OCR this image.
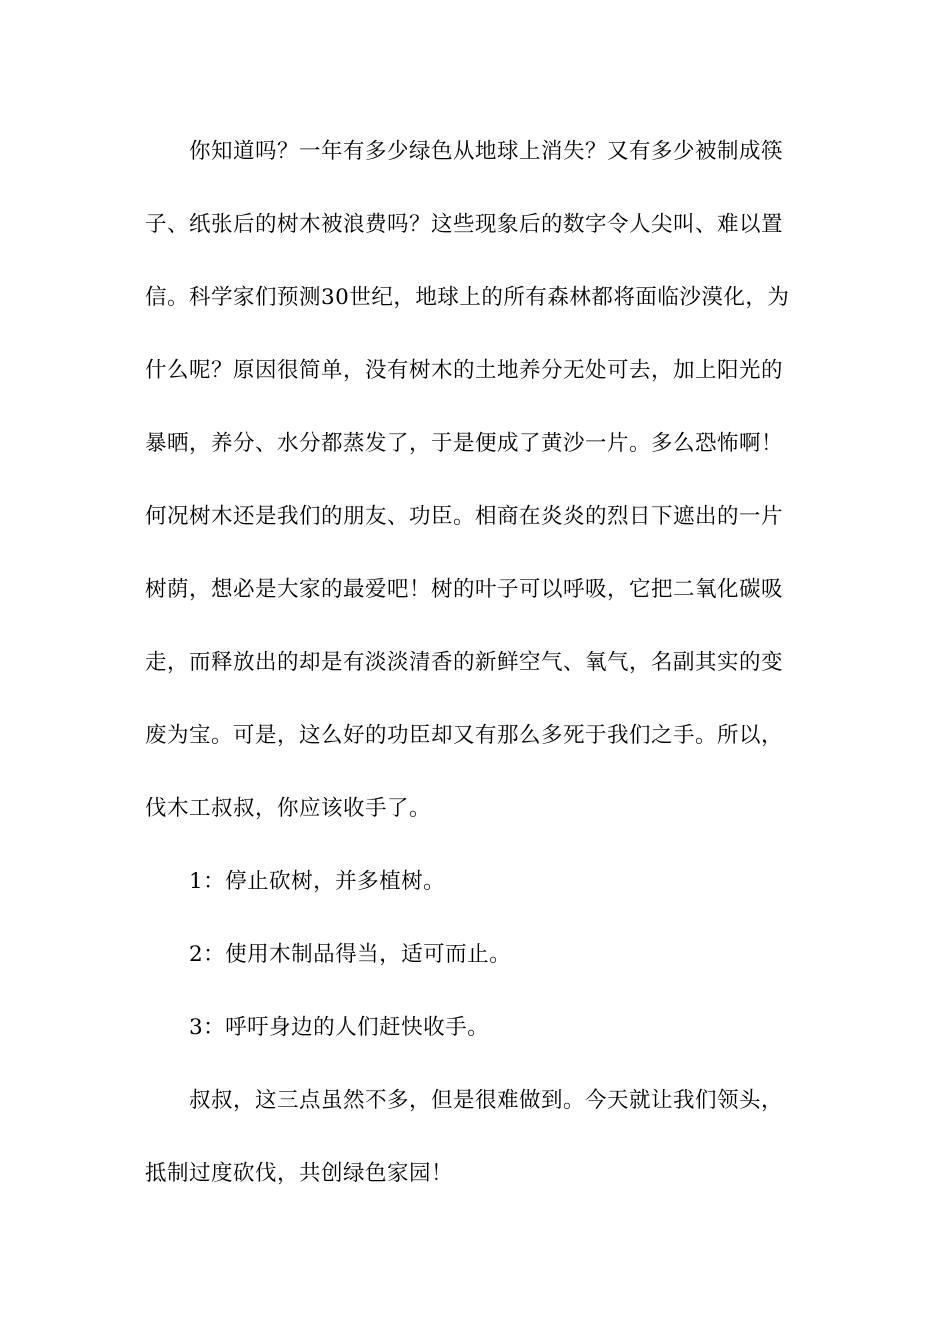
你知道吗？一年有多少绿色从地球上消失？又有多少被制成筷
子、纸张后的树木被浪费吗？这些现象后的数字令人尖叫、难以置
信。科学家们预测30世纪，地球上的所有森林都将面临沙漠化，为
什么呢？原因很简单，没有树木的土地养分无处可去，加上阳光的
暴晒，养分、水分都蒸发了，于是便成了黄沙一片。多么恐怖啊！
何况树木还是我们的朋友、功臣。相商在炎炎的烈日下遮出的一片
树荫，想必是大家的最爱吧！树的叶子可以呼吸，它把二氧化碳吸
走，而释放出的却是有淡淡清香的新鲜空气、氧气，名副其实的变
废为宝。可是，这么好的功臣却又有那么多死于我们之手。所以，
伐木工叔叔，你应该收手了。
1：停止砍树，并多植树。
2：使用木制品得当，适可而止。
3：呼吁身边的人们赶快收手。
叔叔，这三点虽然不多，但是很难做到。今天就让我们领头，
抵制过度砍伐，共创绿色家园！
